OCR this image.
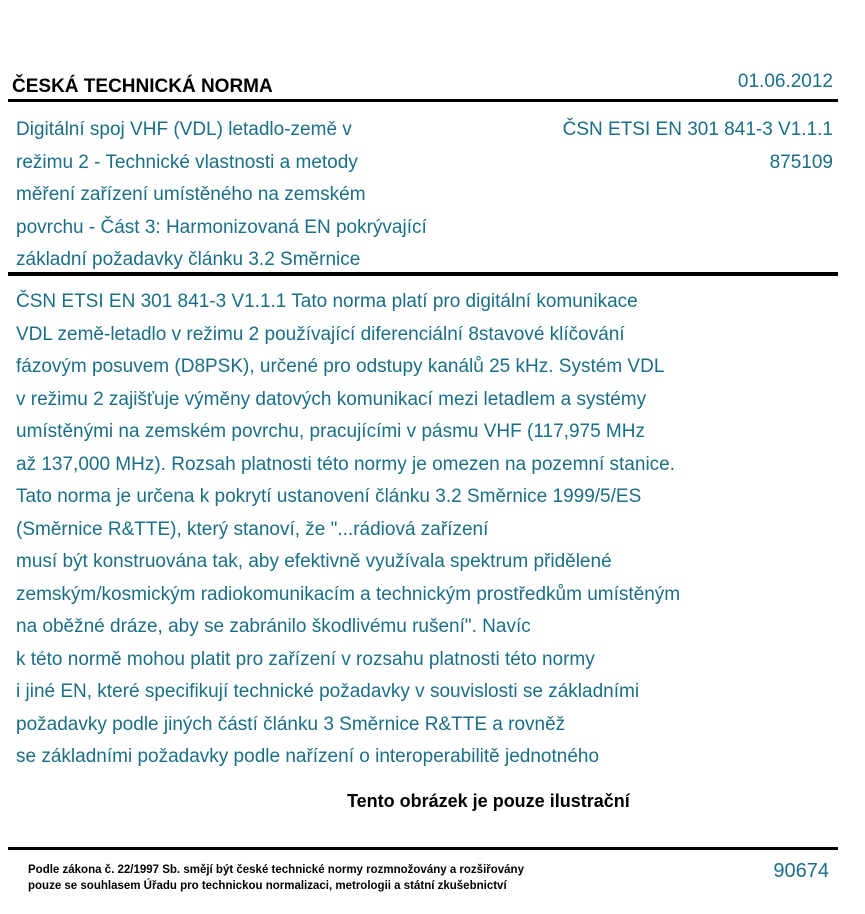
ČESKÁ TECHNICKÁ NORMA	01.06.2012
Digitální spoj VHF (VDL) letadlo-země v
režimu 2 - Technické vlastnosti a metody
měření zařízení umístěného na zemském
povrchu - Část 3: Harmonizovaná EN pokrývající
základní požadavky článku 3.2 Směrnice
ČSN ETSI EN 301 841-3 V1.1.1
875109
ČSN ETSI EN 301 841-3 V1.1.1 Tato norma platí pro digitální komunikace
VDL země-letadlo v režimu 2 používající diferenciální 8stavové klíčování
fázovým posuvem (D8PSK), určené pro odstupy kanálů 25 kHz. Systém VDL
v režimu 2 zajišťuje výměny datových komunikací mezi letadlem a systémy
umístěnými na zemském povrchu, pracujícími v pásmu VHF (117,975 MHz
až 137,000 MHz). Rozsah platnosti této normy je omezen na pozemní stanice.
Tato norma je určena k pokrytí ustanovení článku 3.2 Směrnice 1999/5/ES
(Směrnice R&TTE), který stanoví, že "...rádiová zařízení
musí být konstruována tak, aby efektivně využívala spektrum přidělené
zemským/kosmickým radiokomunikacím a technickým prostředkům umístěným
na oběžné dráze, aby se zabránilo škodlivému rušení". Navíc
k této normě mohou platit pro zařízení v rozsahu platnosti této normy
i jiné EN, které specifikují technické požadavky v souvislosti se základními
požadavky podle jiných částí článku 3 Směrnice R&TTE a rovněž
se základními požadavky podle nařízení o interoperabilitě jednotného
Tento obrázek je pouze ilustrační
Podle zákona č. 22/1997 Sb. smějí být české technické normy rozmnožovány a rozšiřovány
pouze se souhlasem Úřadu pro technickou normalizaci, metrologii a státní zkušebnictví
90674
